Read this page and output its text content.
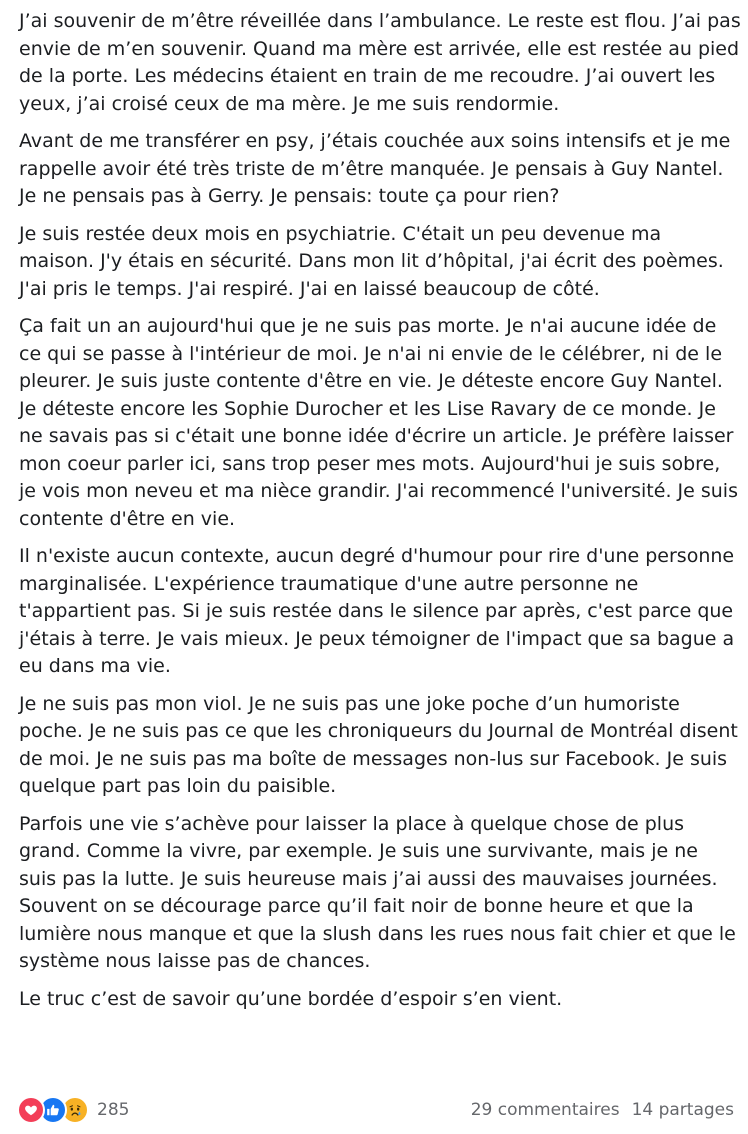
J’ai souvenir de m’être réveillée dans l’ambulance. Le reste est flou. J’ai pas envie de m’en souvenir. Quand ma mère est arrivée, elle est restée au pied de la porte. Les médecins étaient en train de me recoudre. J’ai ouvert les yeux, j’ai croisé ceux de ma mère. Je me suis rendormie.

Avant de me transférer en psy, j’étais couchée aux soins intensifs et je me rappelle avoir été très triste de m’être manquée. Je pensais à Guy Nantel. Je ne pensais pas à Gerry. Je pensais: toute ça pour rien?

Je suis restée deux mois en psychiatrie. C'était un peu devenue ma maison. J'y étais en sécurité. Dans mon lit d’hôpital, j'ai écrit des poèmes. J'ai pris le temps. J'ai respiré. J'ai en laissé beaucoup de côté.

Ça fait un an aujourd'hui que je ne suis pas morte. Je n'ai aucune idée de ce qui se passe à l'intérieur de moi. Je n'ai ni envie de le célébrer, ni de le pleurer. Je suis juste contente d'être en vie. Je déteste encore Guy Nantel. Je déteste encore les Sophie Durocher et les Lise Ravary de ce monde. Je ne savais pas si c'était une bonne idée d'écrire un article. Je préfère laisser mon coeur parler ici, sans trop peser mes mots. Aujourd'hui je suis sobre, je vois mon neveu et ma nièce grandir. J'ai recommencé l'université. Je suis contente d'être en vie.

Il n'existe aucun contexte, aucun degré d'humour pour rire d'une personne marginalisée. L'expérience traumatique d'une autre personne ne t'appartient pas. Si je suis restée dans le silence par après, c'est parce que j'étais à terre. Je vais mieux. Je peux témoigner de l'impact que sa bague a eu dans ma vie.

Je ne suis pas mon viol. Je ne suis pas une joke poche d’un humoriste poche. Je ne suis pas ce que les chroniqueurs du Journal de Montréal disent de moi. Je ne suis pas ma boîte de messages non-lus sur Facebook. Je suis quelque part pas loin du paisible.

Parfois une vie s’achève pour laisser la place à quelque chose de plus grand. Comme la vivre, par exemple. Je suis une survivante, mais je ne suis pas la lutte. Je suis heureuse mais j’ai aussi des mauvaises journées. Souvent on se décourage parce qu’il fait noir de bonne heure et que la lumière nous manque et que la slush dans les rues nous fait chier et que le système nous laisse pas de chances.

Le truc c’est de savoir qu’une bordée d’espoir s’en vient.

285	29 commentaires 14 partages
